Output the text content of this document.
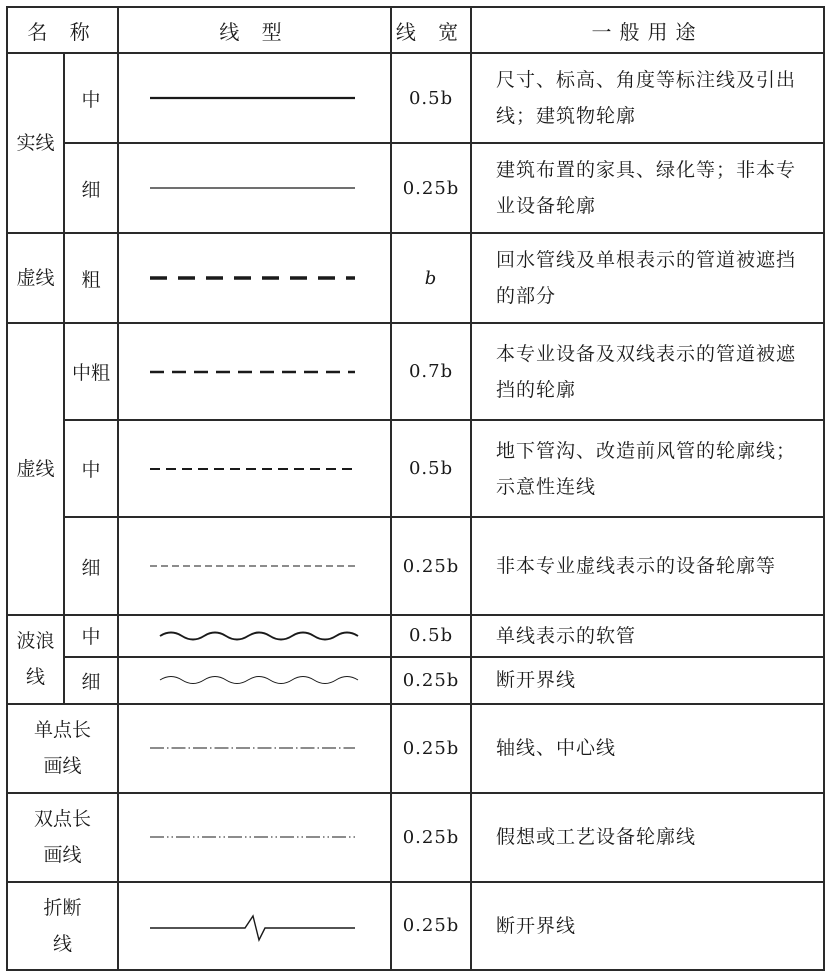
名 称		线 型	线 宽	一般用途
实线	中		0.5b	尺寸、标高、角度等标注线及引出线；建筑物轮廓
	细		0.25b	建筑布置的家具、绿化等；非本专业设备轮廓
虚线	粗		b	回水管线及单根表示的管道被遮挡的部分
虚线	中粗		0.7b	本专业设备及双线表示的管道被遮挡的轮廓
	中		0.5b	地下管沟、改造前风管的轮廓线；示意性连线
	细		0.25b	非本专业虚线表示的设备轮廓等
波浪线	中		0.5b	单线表示的软管
	细		0.25b	断开界线
单点长画线			0.25b	轴线、中心线
双点长画线			0.25b	假想或工艺设备轮廓线
折断线			0.25b	断开界线
